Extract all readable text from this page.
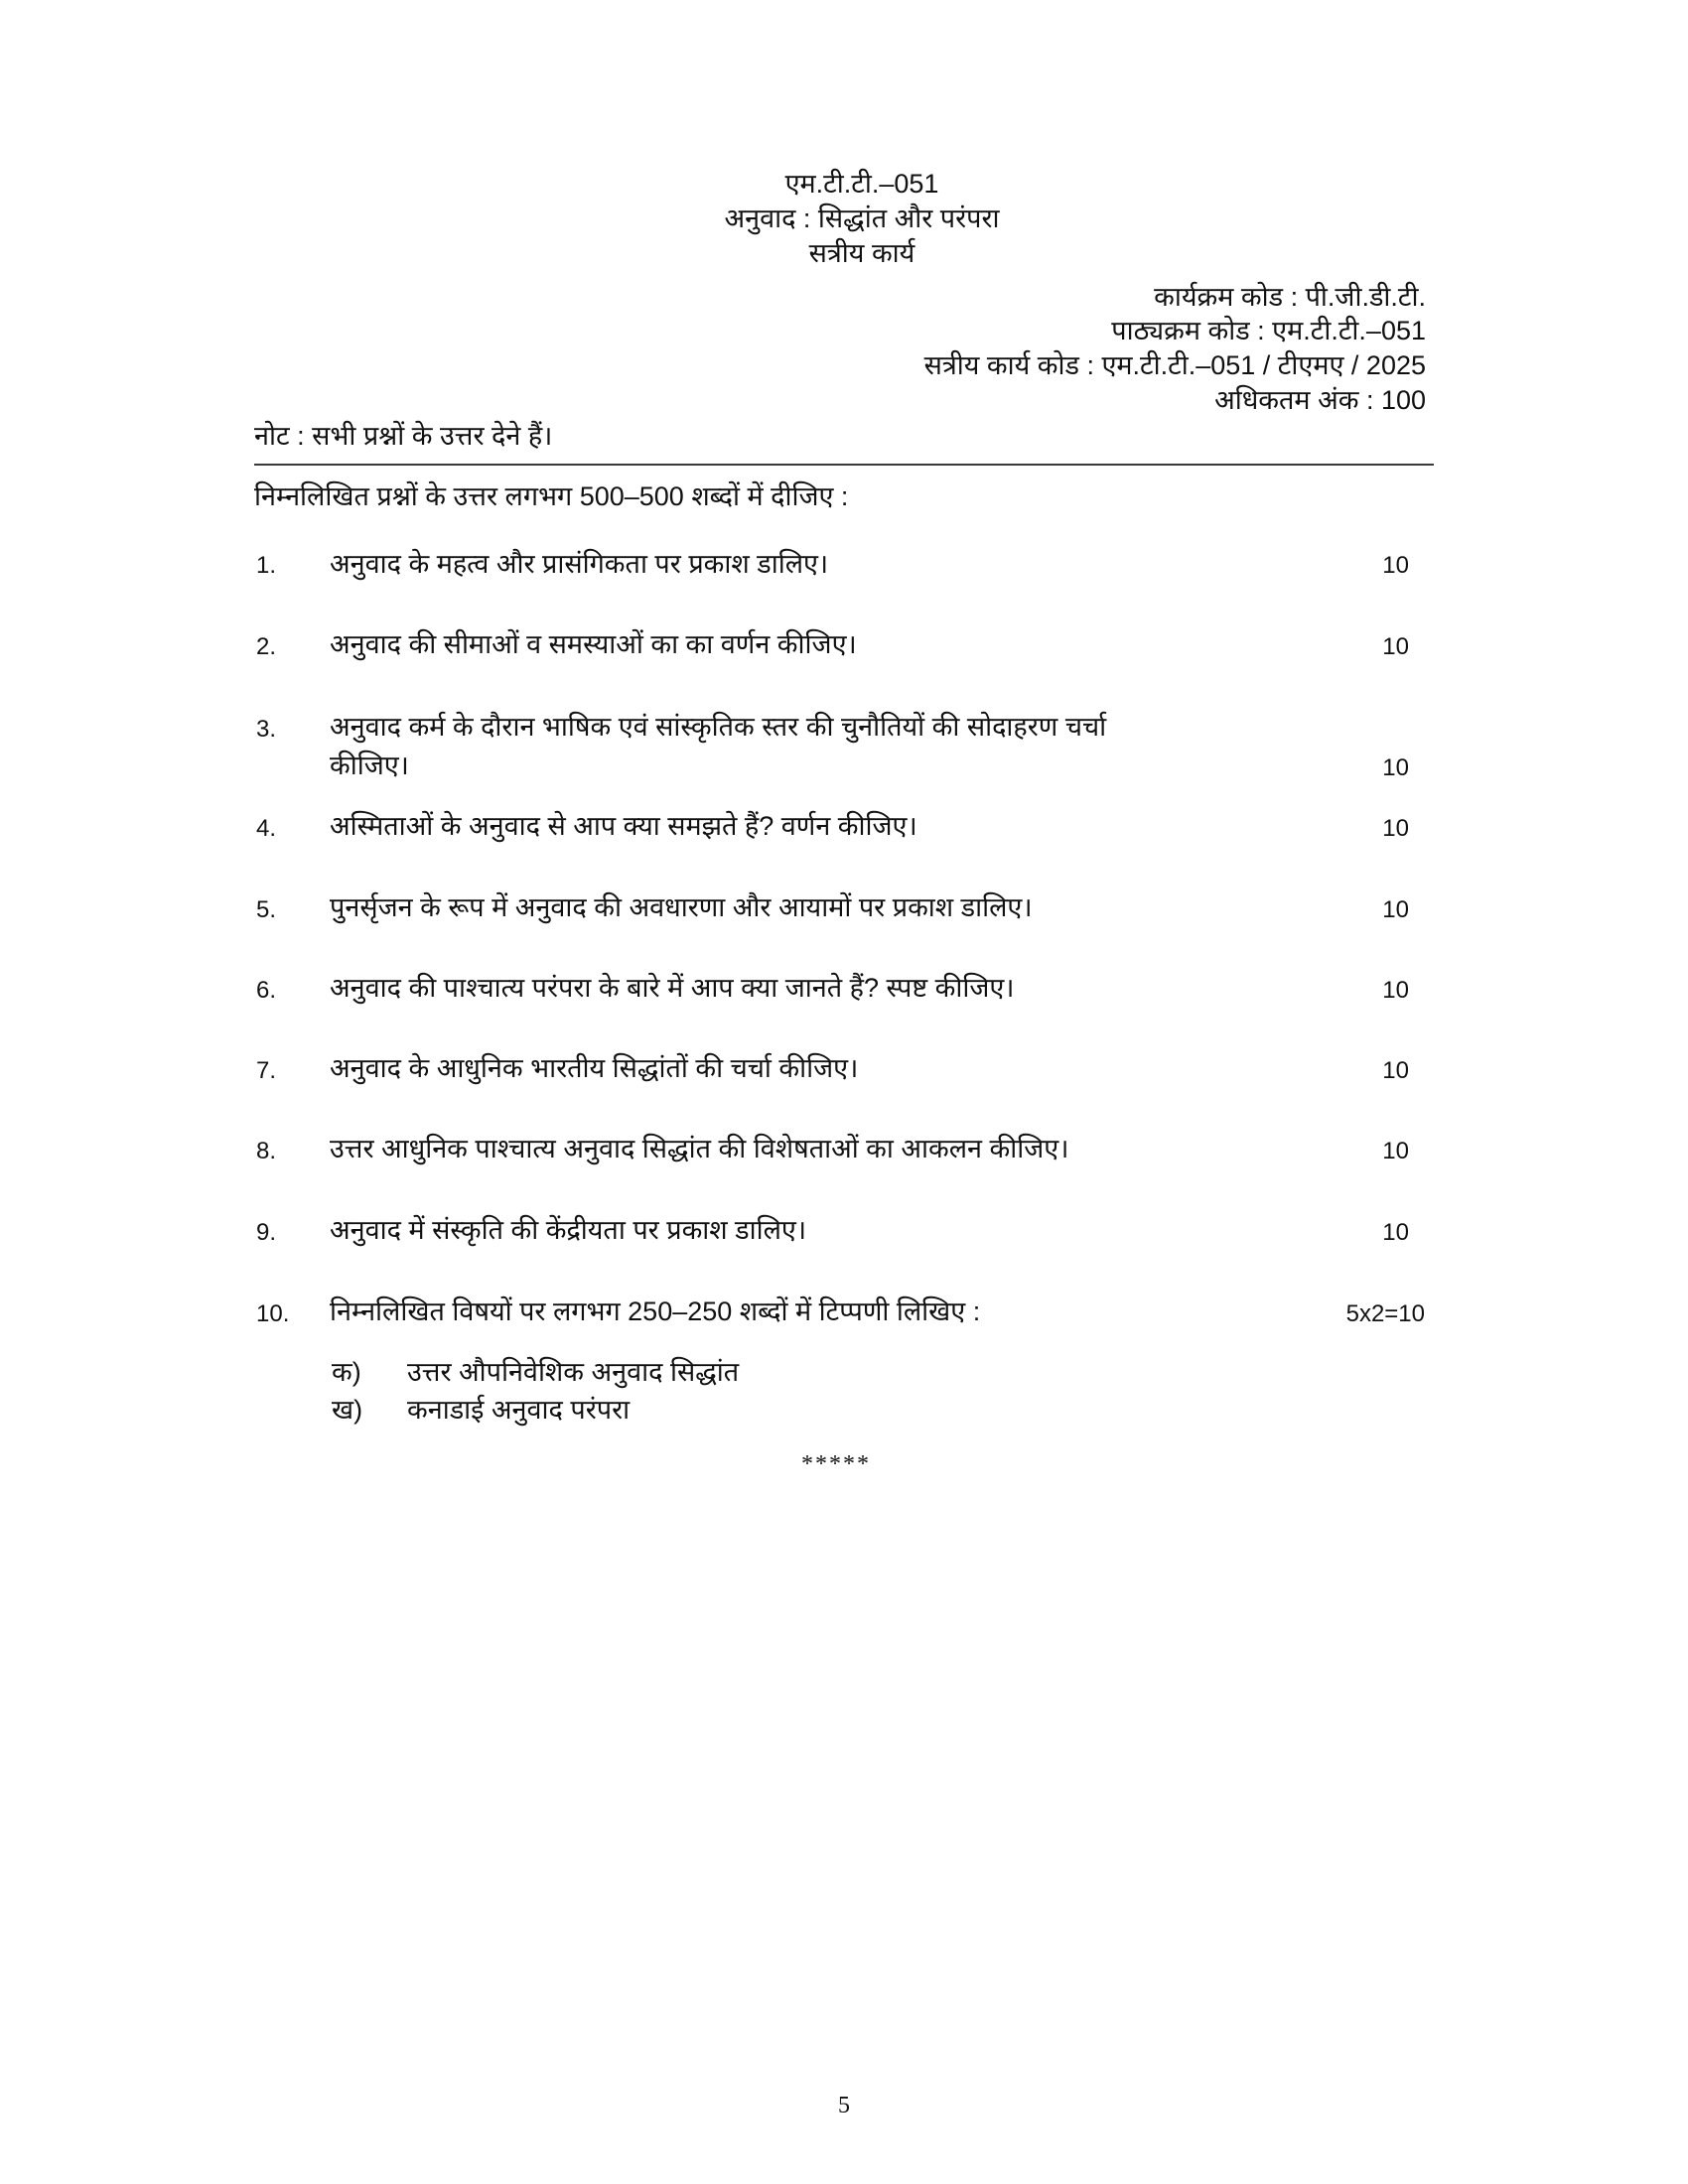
एम.टी.टी.–051
अनुवाद : सिद्धांत और परंपरा
सत्रीय कार्य
कार्यक्रम कोड : पी.जी.डी.टी.
पाठ्यक्रम कोड : एम.टी.टी.–051
सत्रीय कार्य कोड : एम.टी.टी.–051 / टीएमए / 2025
अधिकतम अंक : 100
नोट : सभी प्रश्नों के उत्तर देने हैं।
निम्नलिखित प्रश्नों के उत्तर लगभग 500–500 शब्दों में दीजिए :
1. अनुवाद के महत्व और प्रासंगिकता पर प्रकाश डालिए।	10
2. अनुवाद की सीमाओं व समस्याओं का का वर्णन कीजिए।	10
3. अनुवाद कर्म के दौरान भाषिक एवं सांस्कृतिक स्तर की चुनौतियों की सोदाहरण चर्चा
कीजिए।	10
4. अस्मिताओं के अनुवाद से आप क्या समझते हैं? वर्णन कीजिए।	10
5. पुनर्सृजन के रूप में अनुवाद की अवधारणा और आयामों पर प्रकाश डालिए।	10
6. अनुवाद की पाश्चात्य परंपरा के बारे में आप क्या जानते हैं? स्पष्ट कीजिए।	10
7. अनुवाद के आधुनिक भारतीय सिद्धांतों की चर्चा कीजिए।	10
8. उत्तर आधुनिक पाश्चात्य अनुवाद सिद्धांत की विशेषताओं का आकलन कीजिए।	10
9. अनुवाद में संस्कृति की केंद्रीयता पर प्रकाश डालिए।	10
10. निम्नलिखित विषयों पर लगभग 250–250 शब्दों में टिप्पणी लिखिए :	5x2=10
क) उत्तर औपनिवेशिक अनुवाद सिद्धांत
ख) कनाडाई अनुवाद परंपरा
*****
5
